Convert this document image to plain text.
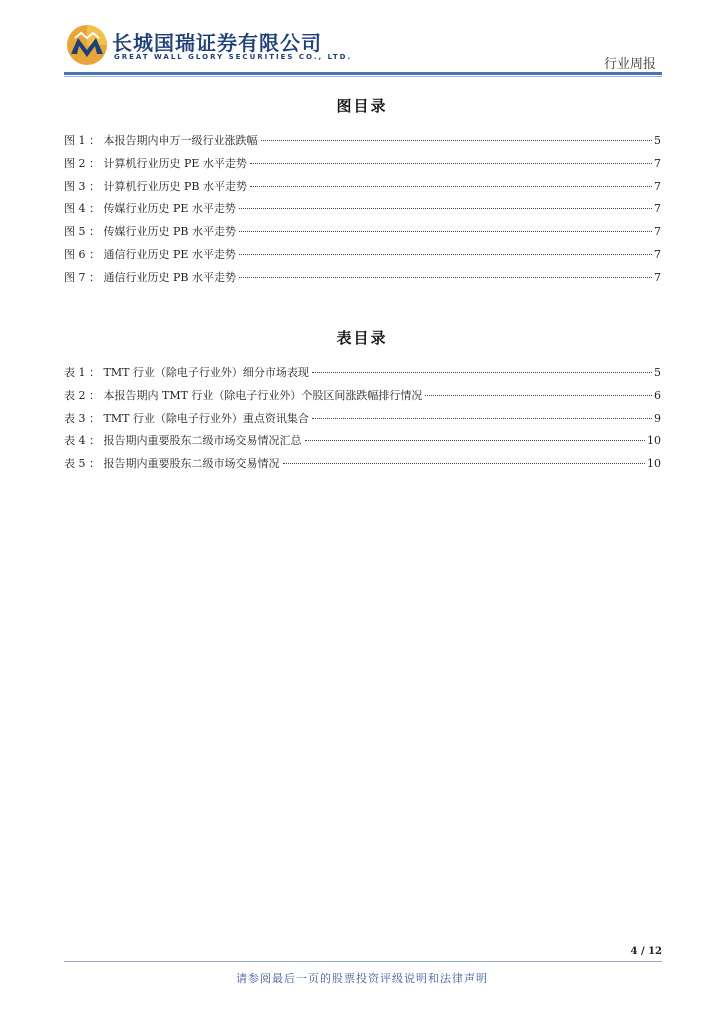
长城国瑞证券有限公司
GREAT WALL GLORY SECURITIES CO., LTD.	行业周报
图目录
图 1 ： 本报告期内申万一级行业涨跌幅	5
图 2 ： 计算机行业历史 PE 水平走势	7
图 3 ： 计算机行业历史 PB 水平走势	7
图 4 ： 传媒行业历史 PE 水平走势	7
图 5 ： 传媒行业历史 PB 水平走势	7
图 6 ： 通信行业历史 PE 水平走势	7
图 7 ： 通信行业历史 PB 水平走势	7
表目录
表 1 ： TMT 行业（除电子行业外）细分市场表现	5
表 2 ： 本报告期内 TMT 行业（除电子行业外）个股区间涨跌幅排行情况	6
表 3 ： TMT 行业（除电子行业外）重点资讯集合	9
表 4 ： 报告期内重要股东二级市场交易情况汇总	10
表 5 ： 报告期内重要股东二级市场交易情况	10
4 / 12
请参阅最后一页的股票投资评级说明和法律声明
